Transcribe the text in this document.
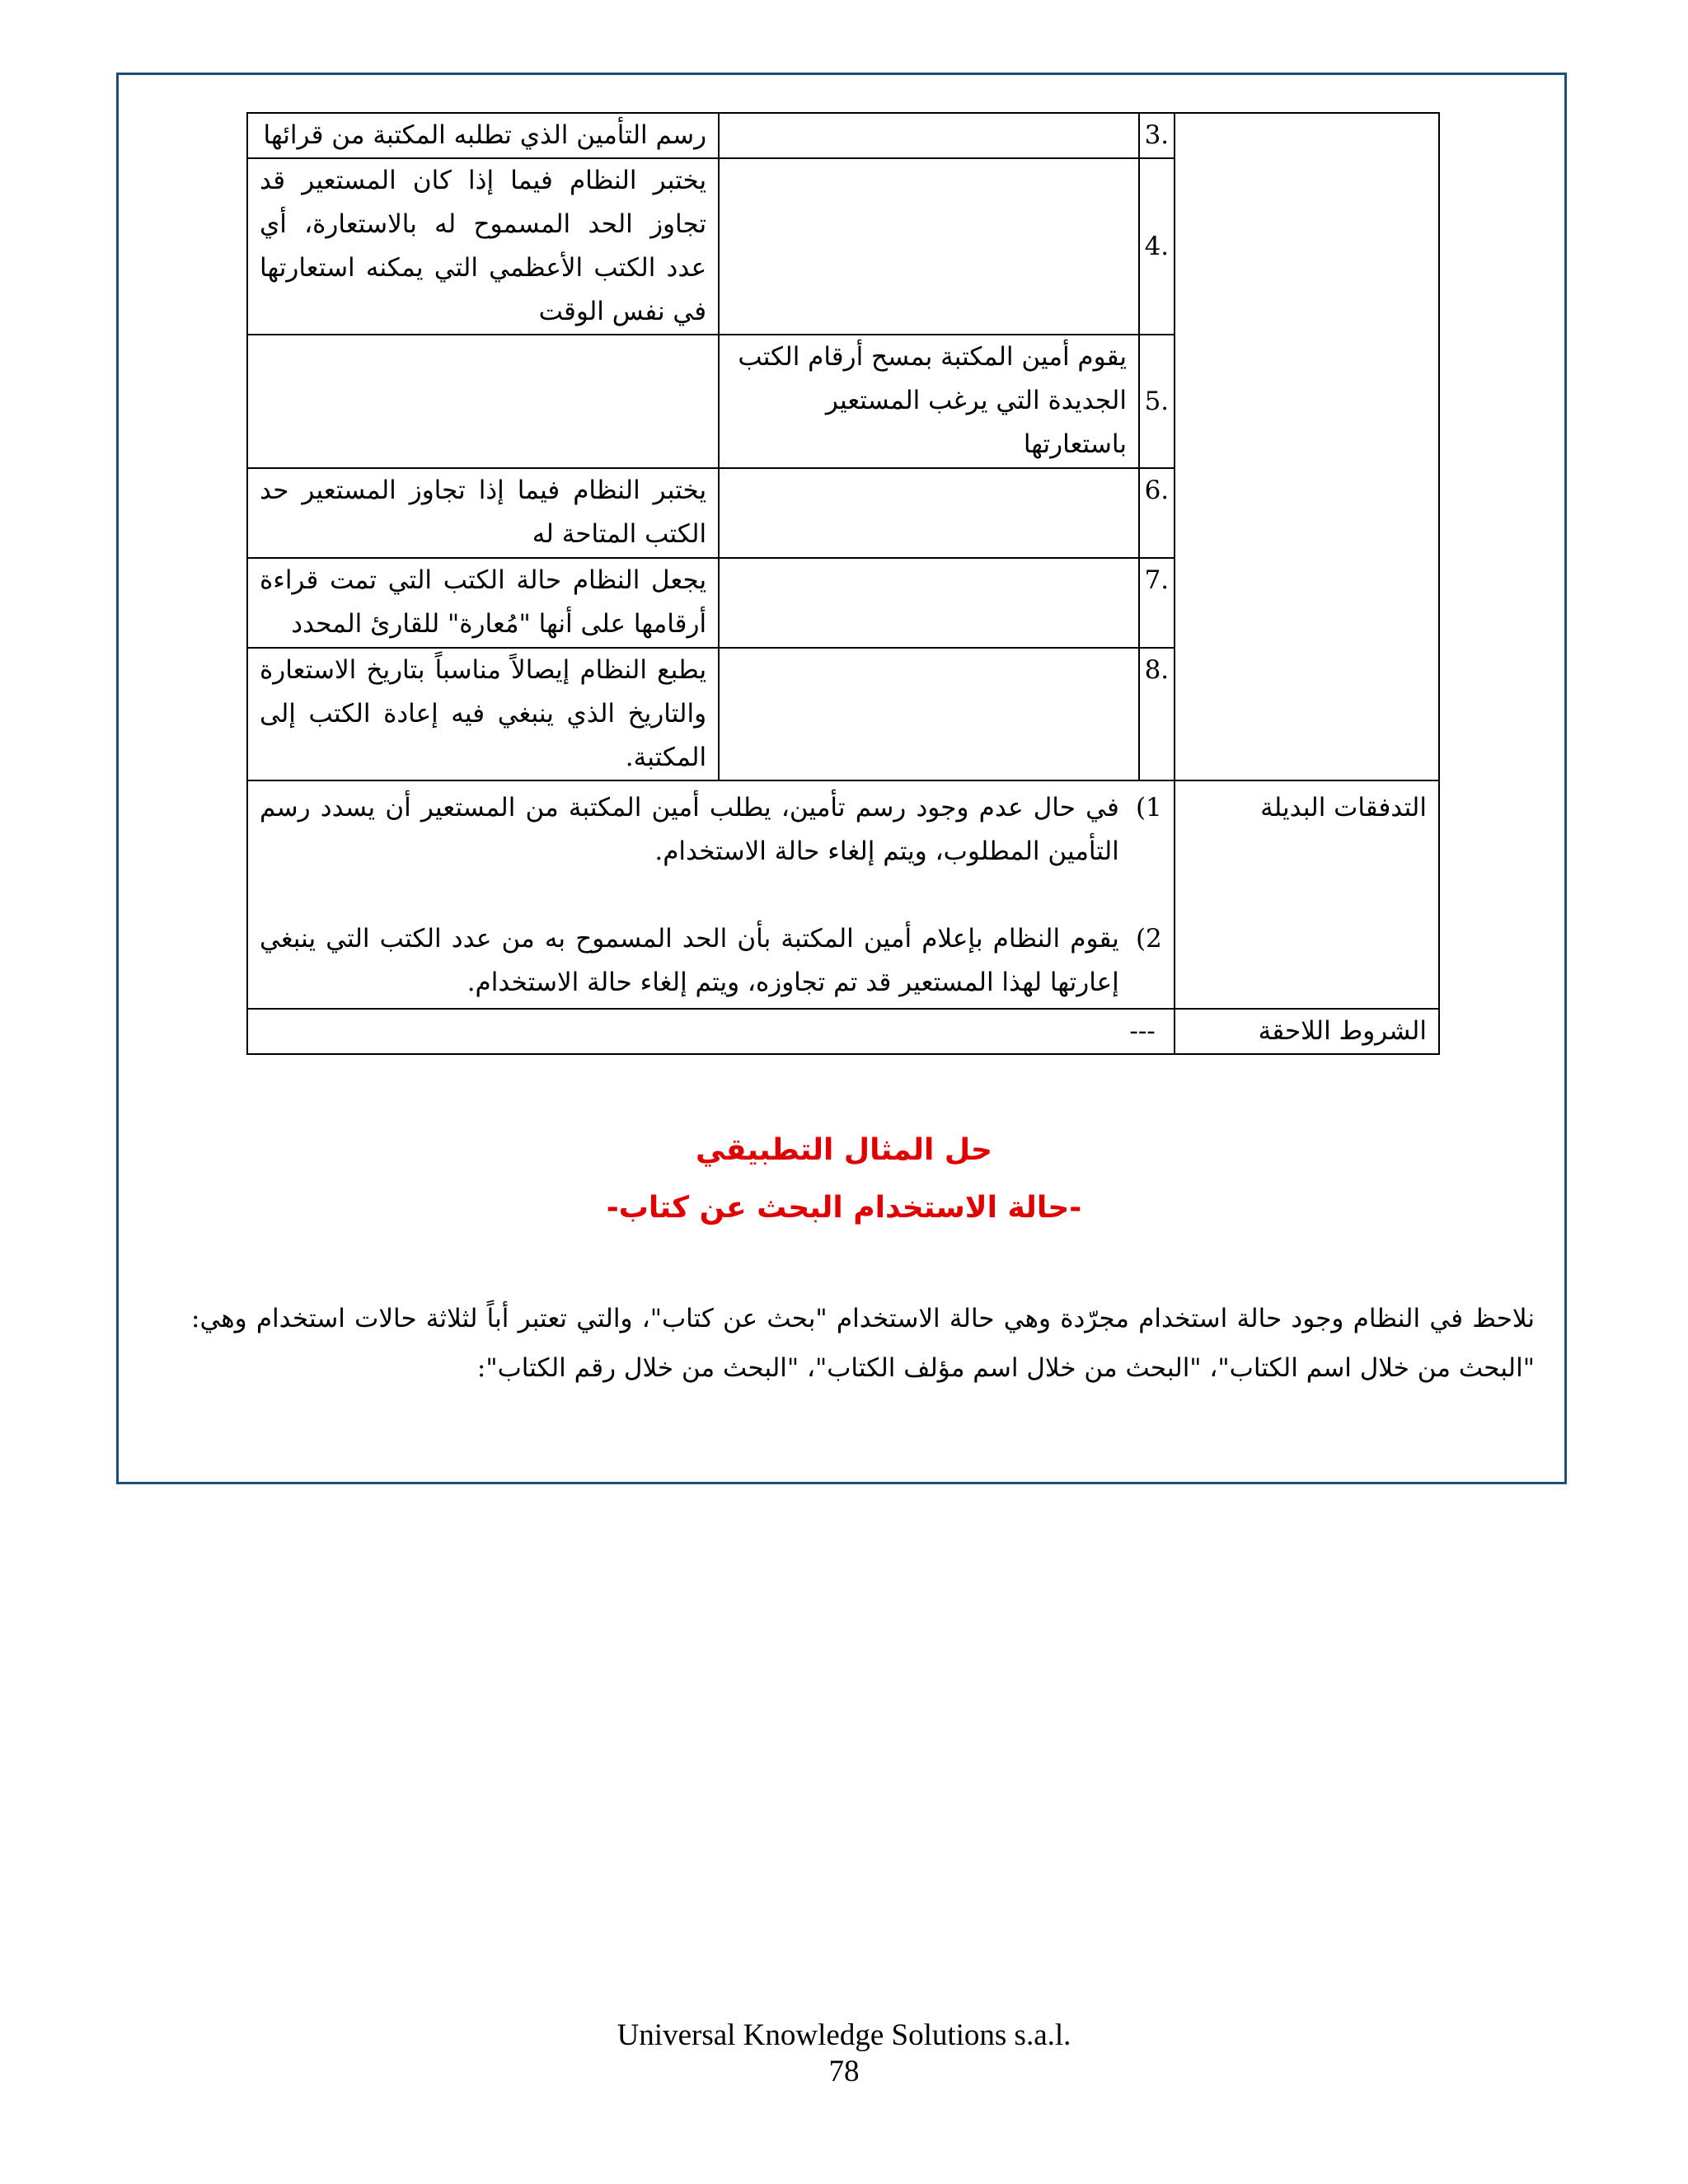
	.3		رسم التأمين الذي تطلبه المكتبة من قرائها
	.4		يختبر النظام فيما إذا كان المستعير قد تجاوز الحد المسموح له بالاستعارة، أي عدد الكتب الأعظمي التي يمكنه استعارتها في نفس الوقت
	.5	يقوم أمين المكتبة بمسح أرقام الكتب الجديدة التي يرغب المستعير باستعارتها	
	.6		يختبر النظام فيما إذا تجاوز المستعير حد الكتب المتاحة له
	.7		يجعل النظام حالة الكتب التي تمت قراءة أرقامها على أنها "مُعارة" للقارئ المحدد
	.8		يطبع النظام إيصالاً مناسباً بتاريخ الاستعارة والتاريخ الذي ينبغي فيه إعادة الكتب إلى المكتبة.
التدفقات البديلة	1)
في حال عدم وجود رسم تأمين، يطلب أمين المكتبة من المستعير أن يسدد رسم التأمين المطلوب، ويتم إلغاء حالة الاستخدام.
2)
يقوم النظام بإعلام أمين المكتبة بأن الحد المسموح به من عدد الكتب التي ينبغي إعارتها لهذا المستعير قد تم تجاوزه، ويتم إلغاء حالة الاستخدام.		

الشروط اللاحقة	---		
حل المثال التطبيقي
-حالة الاستخدام البحث عن كتاب-
نلاحظ في النظام وجود حالة استخدام مجرّدة وهي حالة الاستخدام "بحث عن كتاب"، والتي تعتبر أباً لثلاثة حالات استخدام وهي: "البحث من خلال اسم الكتاب"، "البحث من خلال اسم مؤلف الكتاب"، "البحث من خلال رقم الكتاب":
Universal Knowledge Solutions s.a.l.
78
